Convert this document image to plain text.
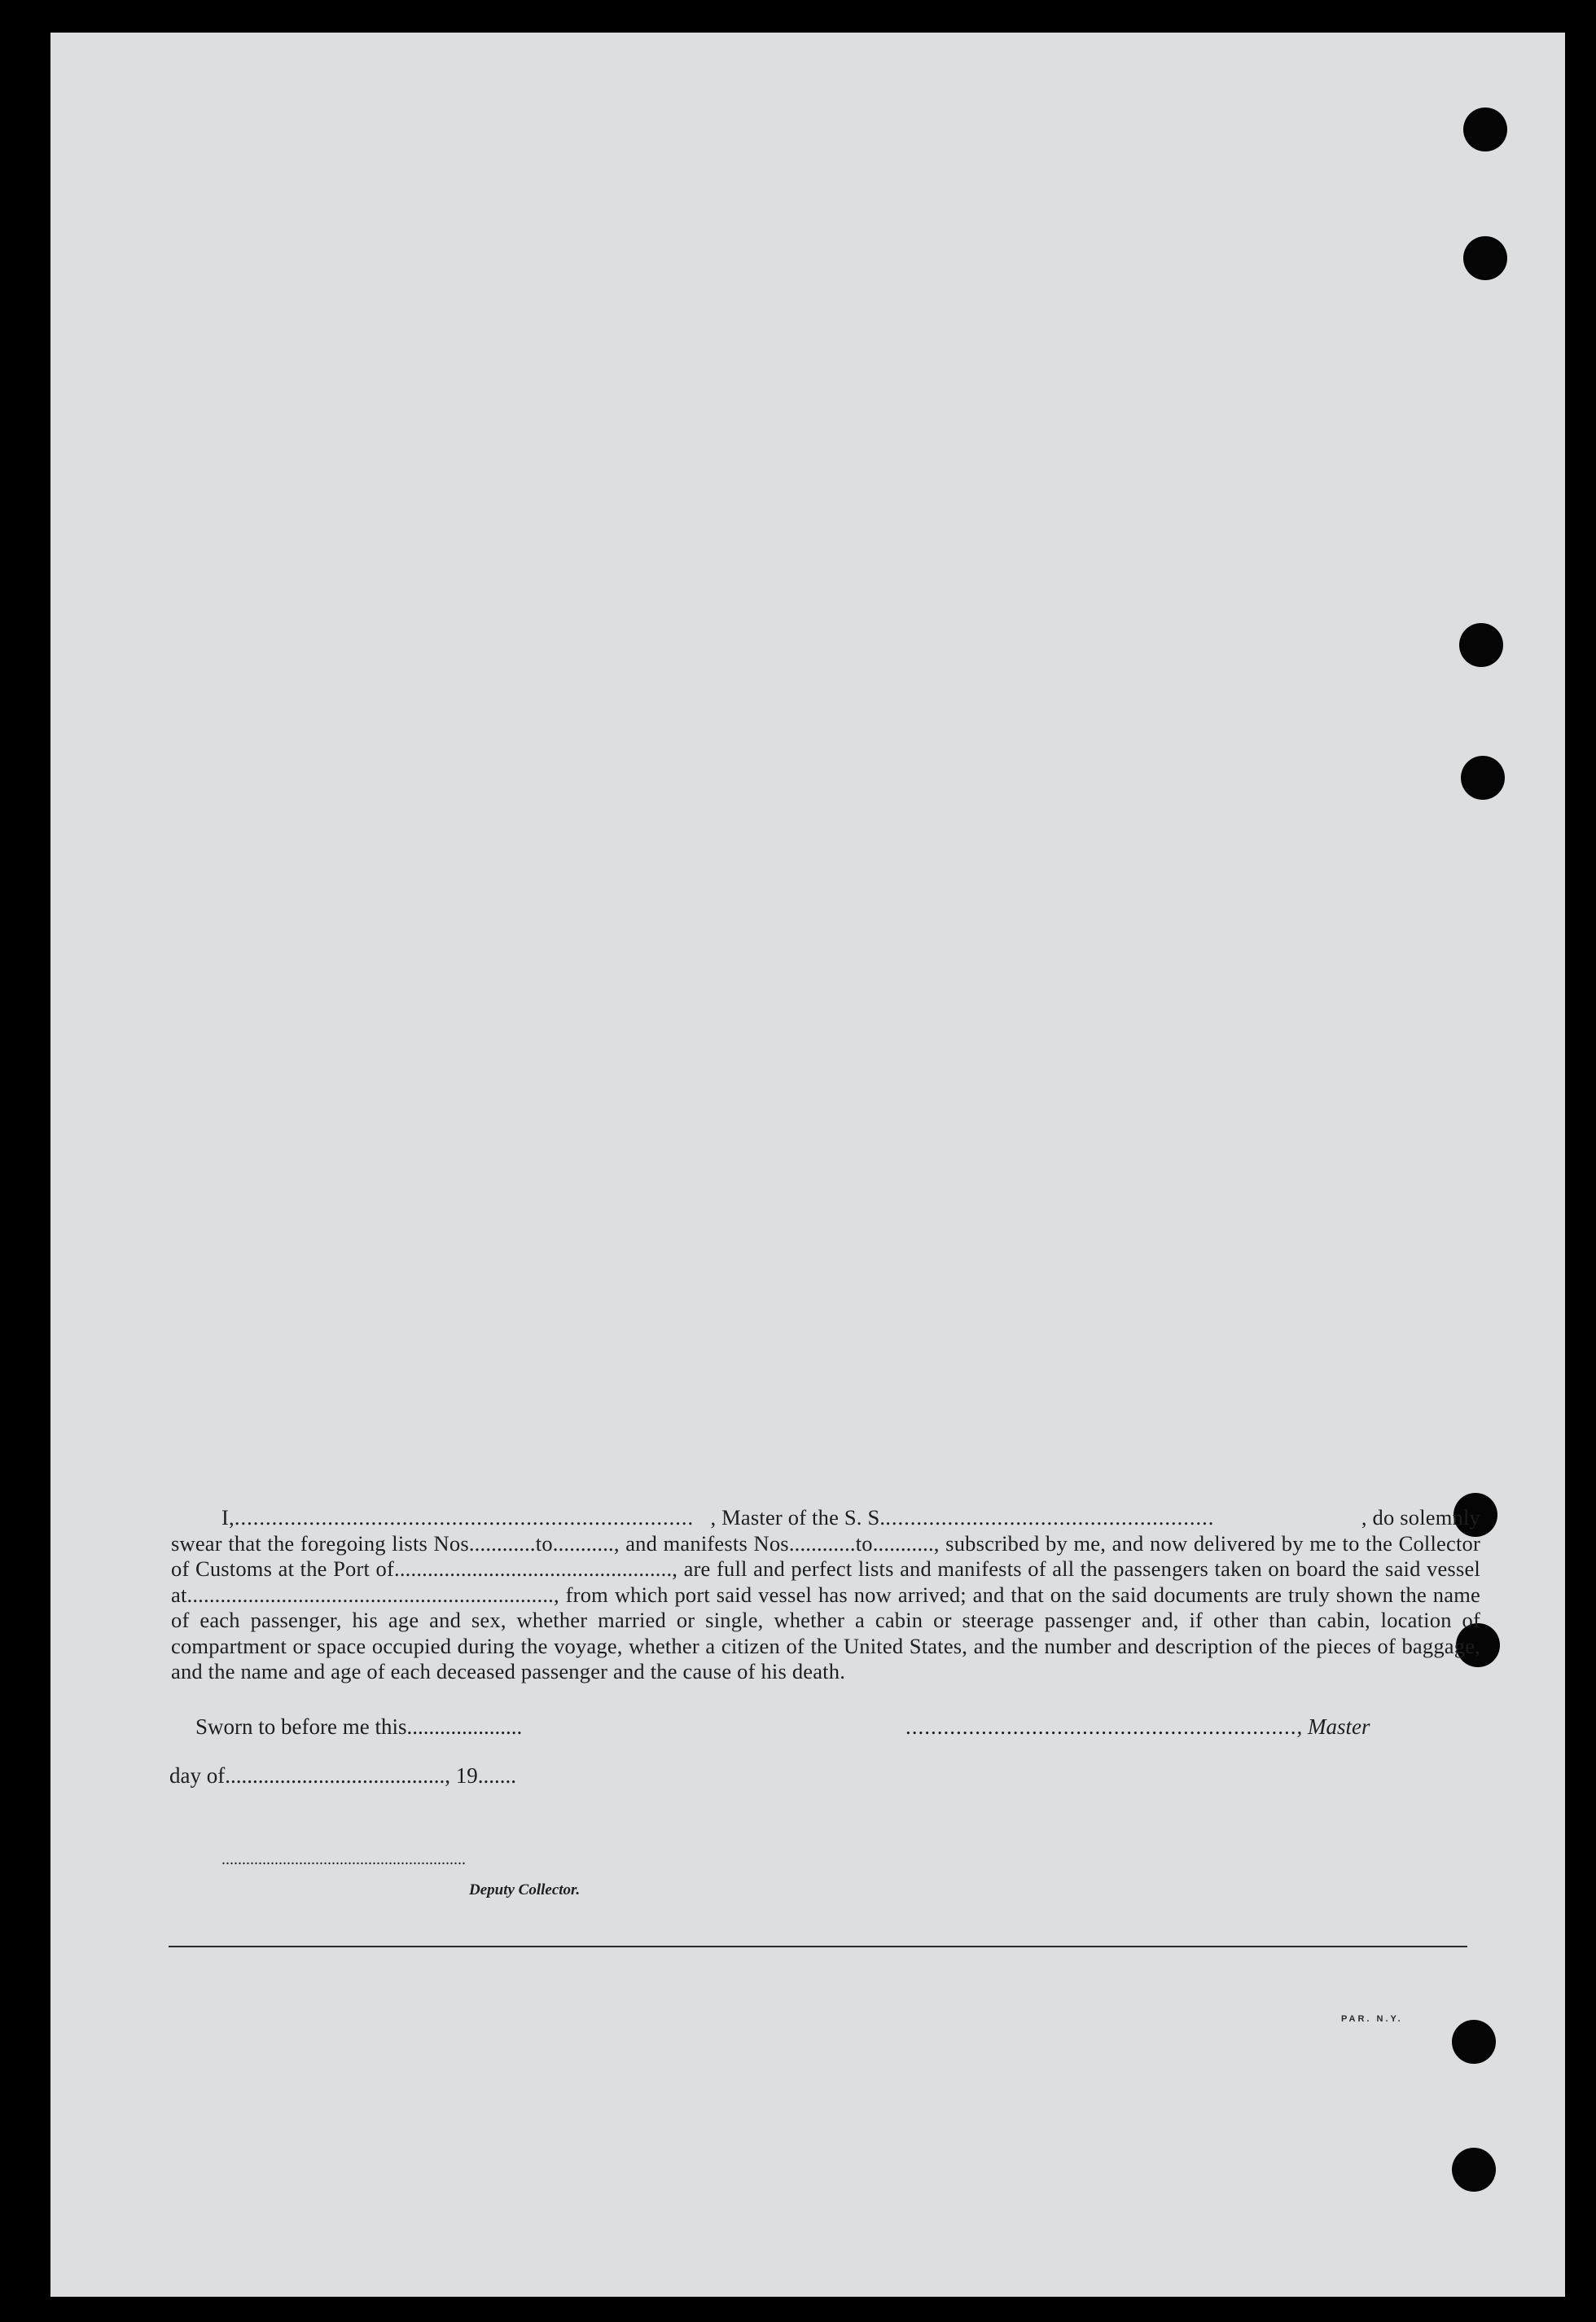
I, .......................................................................... , Master of the S. S. .....................................................	, do solemnly
swear that the foregoing lists Nos............to..........., and manifests Nos............to..........., subscribed by me, and now delivered by me to the Collector of Customs at the Port of.................................................., are full and perfect lists and manifests of all the passengers taken on board the said vessel at.................................................................., from which port said vessel has now arrived; and that on the said documents are truly shown the name of each passenger, his age and sex, whether married or single, whether a cabin or steerage passenger and, if other than cabin, location of compartment or space occupied during the voyage, whether a citizen of the United States, and the number and description of the pieces of baggage, and the name and age of each deceased passenger and the cause of his death.
Sworn to before me this.....................	.............................................................., Master
day of........................................, 19.......
............................................................
Deputy Collector.
PAR. N.Y.
